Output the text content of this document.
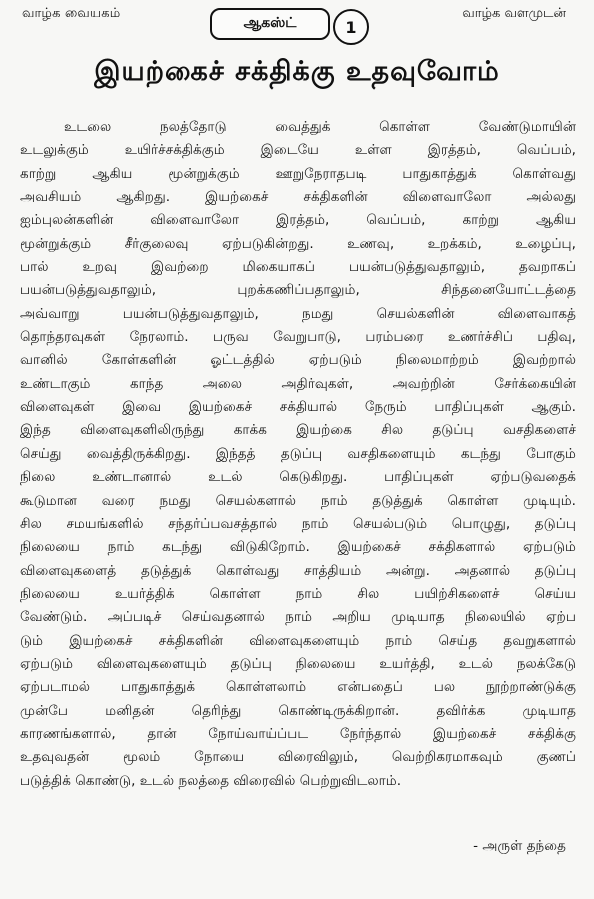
வாழ்க வையகம்
ஆகஸ்ட்	1
வாழ்க வளமுடன்
இயற்கைச் சக்திக்கு உதவுவோம்

உடலை நலத்தோடு வைத்துக் கொள்ள வேண்டுமாயின்
உடலுக்கும் உயிர்ச்சக்திக்கும் இடையே உள்ள இரத்தம், வெப்பம்,
காற்று ஆகிய மூன்றுக்கும் ஊறுநேராதபடி பாதுகாத்துக் கொள்வது
அவசியம் ஆகிறது. இயற்கைச் சக்திகளின் விளைவாலோ அல்லது
ஐம்புலன்களின் விளைவாலோ இரத்தம், வெப்பம், காற்று ஆகிய
மூன்றுக்கும் சீர்குலைவு ஏற்படுகின்றது. உணவு, உறக்கம், உழைப்பு,
பால் உறவு இவற்றை மிகையாகப் பயன்படுத்துவதாலும், தவறாகப்
பயன்படுத்துவதாலும், புறக்கணிப்பதாலும், சிந்தனையோட்டத்தை
அவ்வாறு பயன்படுத்துவதாலும், நமது செயல்களின் விளைவாகத்
தொந்தரவுகள் நேரலாம். பருவ வேறுபாடு, பரம்பரை உணர்ச்சிப் பதிவு,
வானில் கோள்களின் ஓட்டத்தில் ஏற்படும் நிலைமாற்றம் இவற்றால்
உண்டாகும் காந்த அலை அதிர்வுகள், அவற்றின் சேர்க்கையின்
விளைவுகள் இவை இயற்கைச் சக்தியால் நேரும் பாதிப்புகள் ஆகும்.
இந்த விளைவுகளிலிருந்து காக்க இயற்கை சில தடுப்பு வசதிகளைச்
செய்து வைத்திருக்கிறது. இந்தத் தடுப்பு வசதிகளையும் கடந்து போகும்
நிலை உண்டானால் உடல் கெடுகிறது. பாதிப்புகள் ஏற்படுவதைக்
கூடுமான வரை நமது செயல்களால் நாம் தடுத்துக் கொள்ள முடியும்.
சில சமயங்களில் சந்தர்ப்பவசத்தால் நாம் செயல்படும் பொழுது, தடுப்பு
நிலையை நாம் கடந்து விடுகிறோம். இயற்கைச் சக்திகளால் ஏற்படும்
விளைவுகளைத் தடுத்துக் கொள்வது சாத்தியம் அன்று. அதனால் தடுப்பு
நிலையை உயர்த்திக் கொள்ள நாம் சில பயிற்சிகளைச் செய்ய
வேண்டும். அப்படிச் செய்வதனால் நாம் அறிய முடியாத நிலையில் ஏற்ப
டும் இயற்கைச் சக்திகளின் விளைவுகளையும் நாம் செய்த தவறுகளால்
ஏற்படும் விளைவுகளையும் தடுப்பு நிலையை உயர்த்தி, உடல் நலக்கேடு
ஏற்படாமல் பாதுகாத்துக் கொள்ளலாம் என்பதைப் பல நூற்றாண்டுக்கு
முன்பே மனிதன் தெரிந்து கொண்டிருக்கிறான். தவிர்க்க முடியாத
காரணங்களால், தான் நோய்வாய்ப்பட நேர்ந்தால் இயற்கைச் சக்திக்கு
உதவுவதன் மூலம் நோயை விரைவிலும், வெற்றிகரமாகவும் குணப்
படுத்திக் கொண்டு, உடல் நலத்தை விரைவில் பெற்றுவிடலாம்.

- அருள் தந்தை
